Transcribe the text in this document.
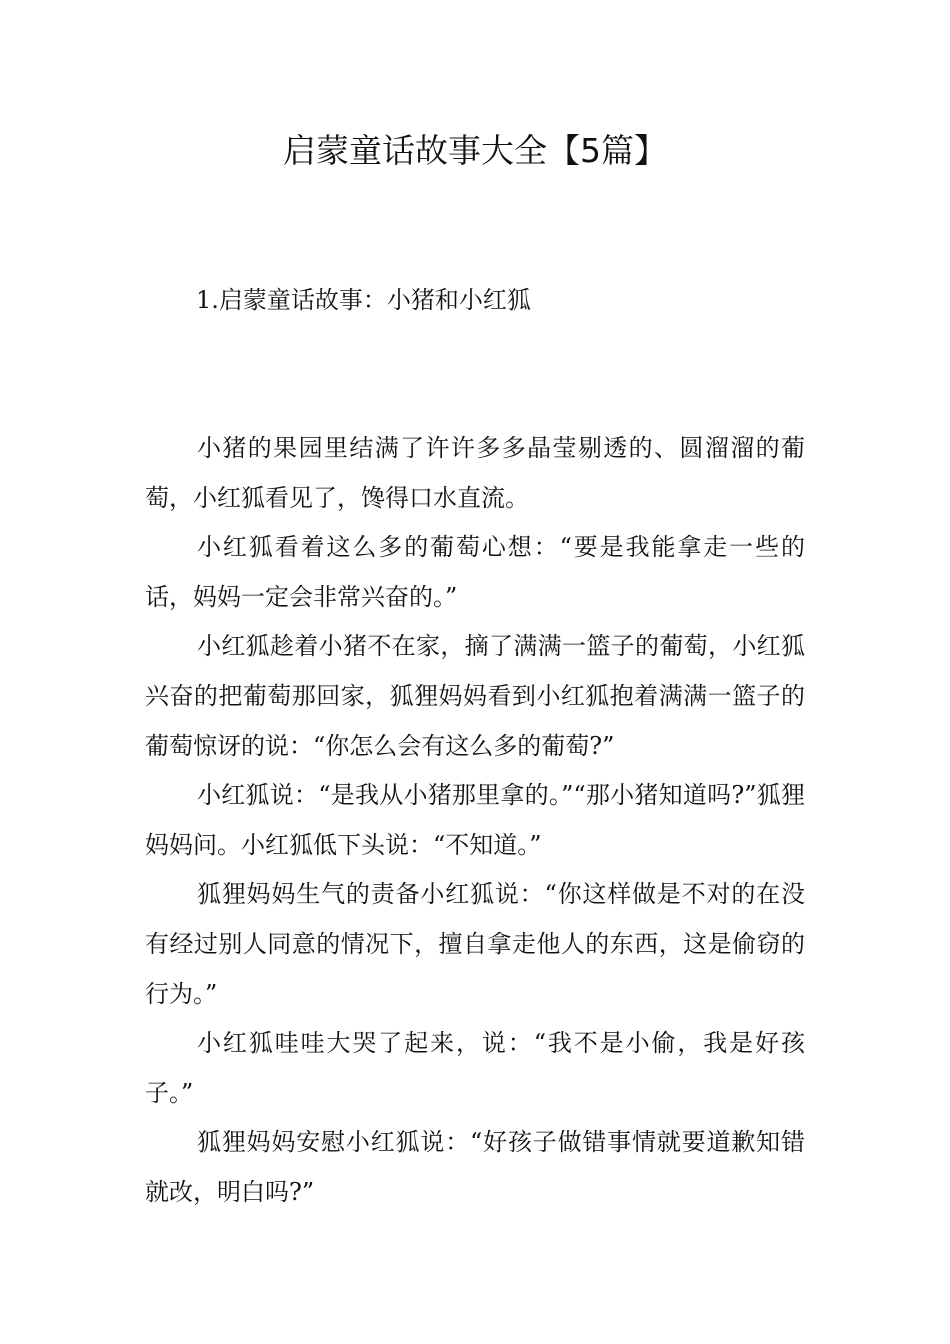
启蒙童话故事大全【5篇】
1.启蒙童话故事：小猪和小红狐

小猪的果园里结满了许许多多晶莹剔透的、圆溜溜的葡萄，小红狐看见了，馋得口水直流。

小红狐看着这么多的葡萄心想：“要是我能拿走一些的话，妈妈一定会非常兴奋的。”

小红狐趁着小猪不在家，摘了满满一篮子的葡萄，小红狐兴奋的把葡萄那回家，狐狸妈妈看到小红狐抱着满满一篮子的葡萄惊讶的说：“你怎么会有这么多的葡萄?”

小红狐说：“是我从小猪那里拿的。”“那小猪知道吗?”狐狸妈妈问。小红狐低下头说：“不知道。”

狐狸妈妈生气的责备小红狐说：“你这样做是不对的在没有经过别人同意的情况下，擅自拿走他人的东西，这是偷窃的行为。”

小红狐哇哇大哭了起来，说：“我不是小偷，我是好孩子。”

狐狸妈妈安慰小红狐说：“好孩子做错事情就要道歉知错就改，明白吗?”
